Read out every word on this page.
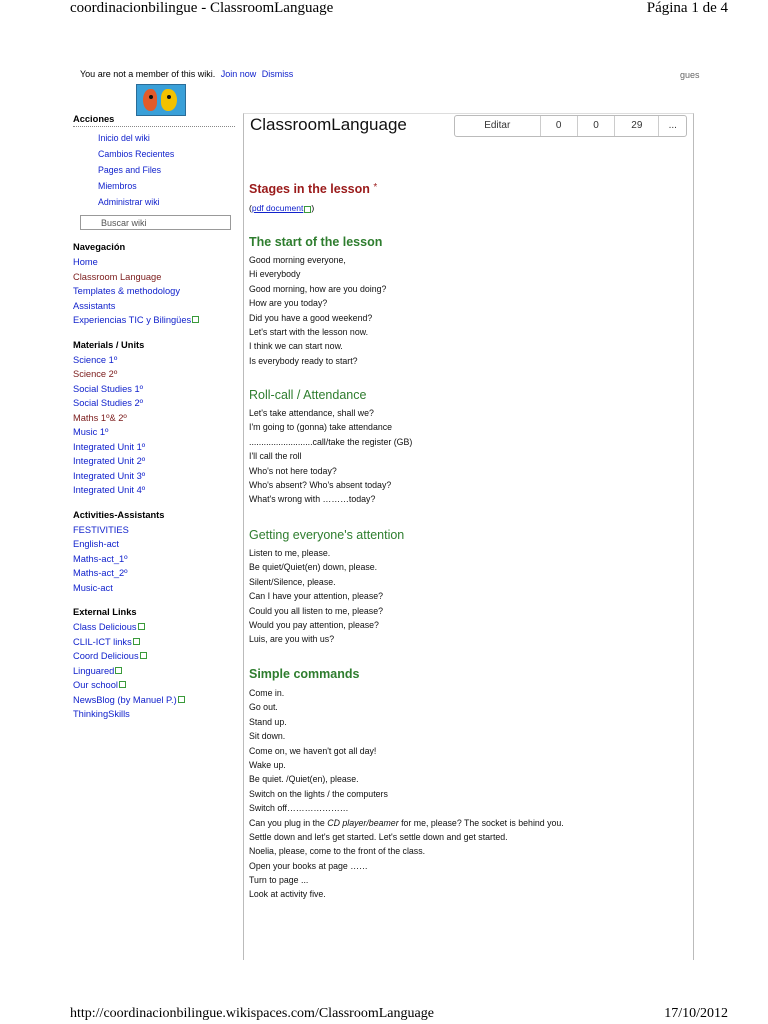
coordinacionbilingue - ClassroomLanguage	Página 1 de 4
You are not a member of this wiki. Join now Dismiss	gues
Acciones
Inicio del wiki
Cambios Recientes
Pages and Files
Miembros
Administrar wiki
Buscar wiki
Navegación
Home
Classroom Language
Templates & methodology
Assistants
Experiencias TIC y Bilingües
Materials / Units
Science 1º
Science 2º
Social Studies 1º
Social Studies 2º
Maths 1º& 2º
Music 1º
Integrated Unit 1º
Integrated Unit 2º
Integrated Unit 3º
Integrated Unit 4º
Activities-Assistants
FESTIVITIES
English-act
Maths-act_1º
Maths-act_2º
Music-act
External Links
Class Delicious
CLIL-ICT links
Coord Delicious
Linguared
Our school
NewsBlog (by Manuel P.)
ThinkingSkills
ClassroomLanguage	Editar	0	0	29	...
Stages in the lesson *
(pdf document )
The start of the lesson
Good morning everyone,
Hi everybody
Good morning, how are you doing?
How are you today?
Did you have a good weekend?
Let's start with the lesson now.
I think we can start now.
Is everybody ready to start?
Roll-call / Attendance
Let's take attendance, shall we?
I'm going to (gonna) take attendance
..........................call/take the register (GB)
I'll call the roll
Who's not here today?
Who's absent? Who's absent today?
What's wrong with ………today?
Getting everyone's attention
Listen to me, please.
Be quiet/Quiet(en) down, please.
Silent/Silence, please.
Can I have your attention, please?
Could you all listen to me, please?
Would you pay attention, please?
Luis, are you with us?
Simple commands
Come in.
Go out.
Stand up.
Sit down.
Come on, we haven't got all day!
Wake up.
Be quiet. /Quiet(en), please.
Switch on the lights / the computers
Switch off…………………
Can you plug in the CD player/beamer for me, please? The socket is behind you.
Settle down and let's get started. Let's settle down and get started.
Noelia, please, come to the front of the class.
Open your books at page ……
Turn to page ...
Look at activity five.
http://coordinacionbilingue.wikispaces.com/ClassroomLanguage	17/10/2012
